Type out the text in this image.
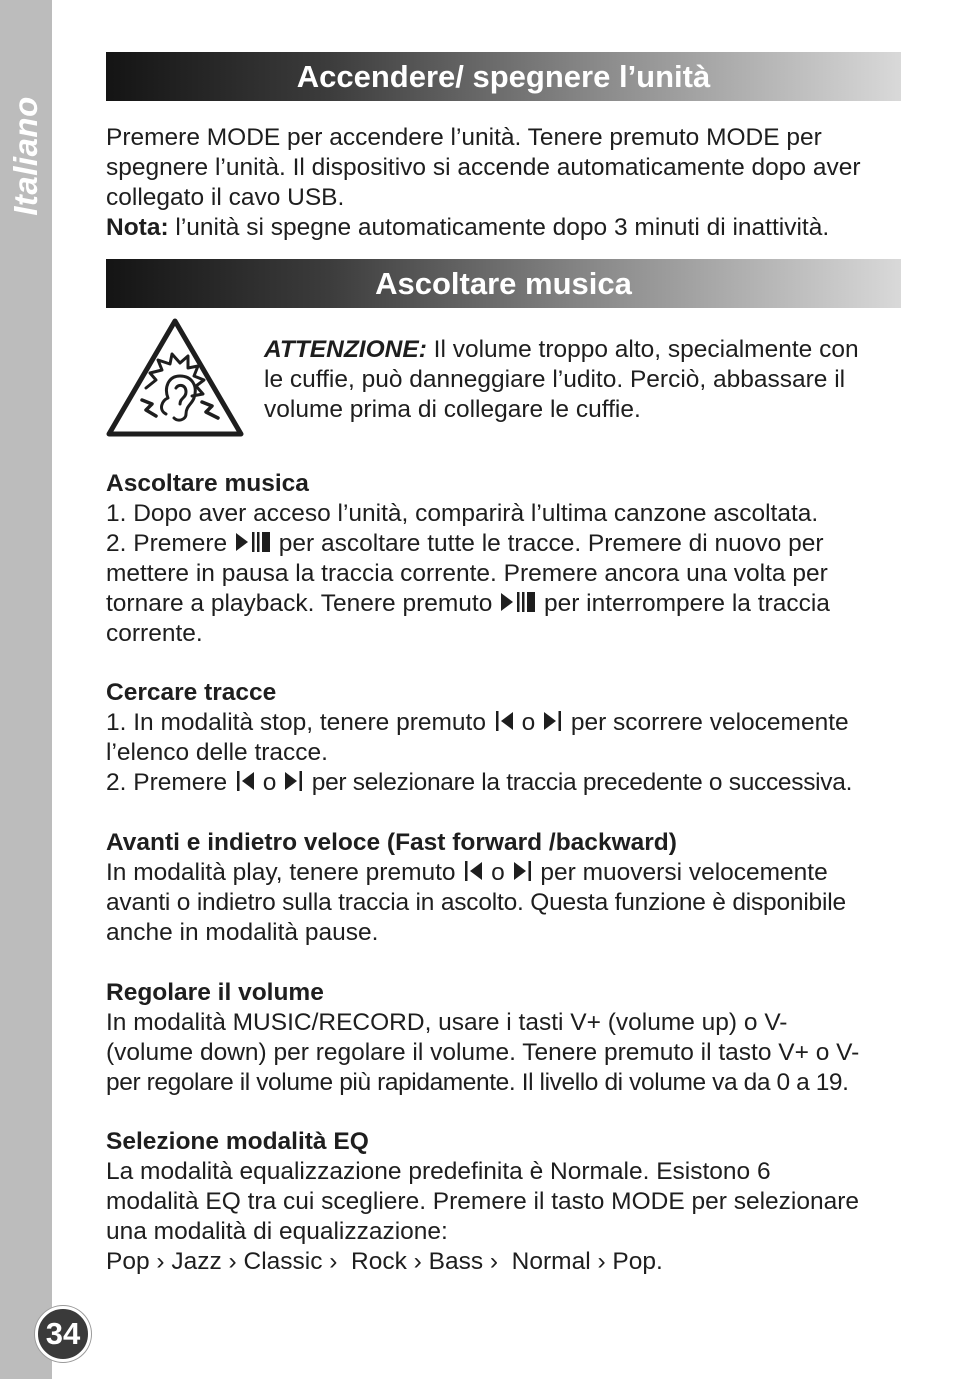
Italiano
34
Accendere/ spegnere l’unità
Premere MODE per accendere l’unità. Tenere premuto MODE per
spegnere l’unità. Il dispositivo si accende automaticamente dopo aver
collegato il cavo USB.
Nota: l’unità si spegne automaticamente dopo 3 minuti di inattività.
Ascoltare musica
ATTENZIONE: Il volume troppo alto, specialmente con
le cuffie, può danneggiare l’udito. Perciò, abbassare il
volume prima di collegare le cuffie.
Ascoltare musica
1. Dopo aver acceso l’unità, comparirà l’ultima canzone ascoltata.
2. Premere
per ascoltare tutte le tracce. Premere di nuovo per
mettere in pausa la traccia corrente. Premere ancora una volta per
tornare a playback. Tenere premuto
per interrompere la traccia
corrente.
Cercare tracce
1. In modalità stop, tenere premuto
o
per scorrere velocemente
l’elenco delle tracce.
2. Premere
o
per selezionare la traccia precedente o successiva.
Avanti e indietro veloce (Fast forward /backward)
In modalità play, tenere premuto
o
per muoversi velocemente
avanti o indietro sulla traccia in ascolto. Questa funzione è disponibile
anche in modalità pause.
Regolare il volume
In modalità MUSIC/RECORD, usare i tasti V+ (volume up) o V-
(volume down) per regolare il volume. Tenere premuto il tasto V+ o V-
per regolare il volume più rapidamente. Il livello di volume va da 0 a 19.
Selezione modalità EQ
La modalità equalizzazione predefinita è Normale. Esistono 6
modalità EQ tra cui scegliere. Premere il tasto MODE per selezionare
una modalità di equalizzazione:
Pop › Jazz › Classic ›  Rock › Bass ›  Normal › Pop.
